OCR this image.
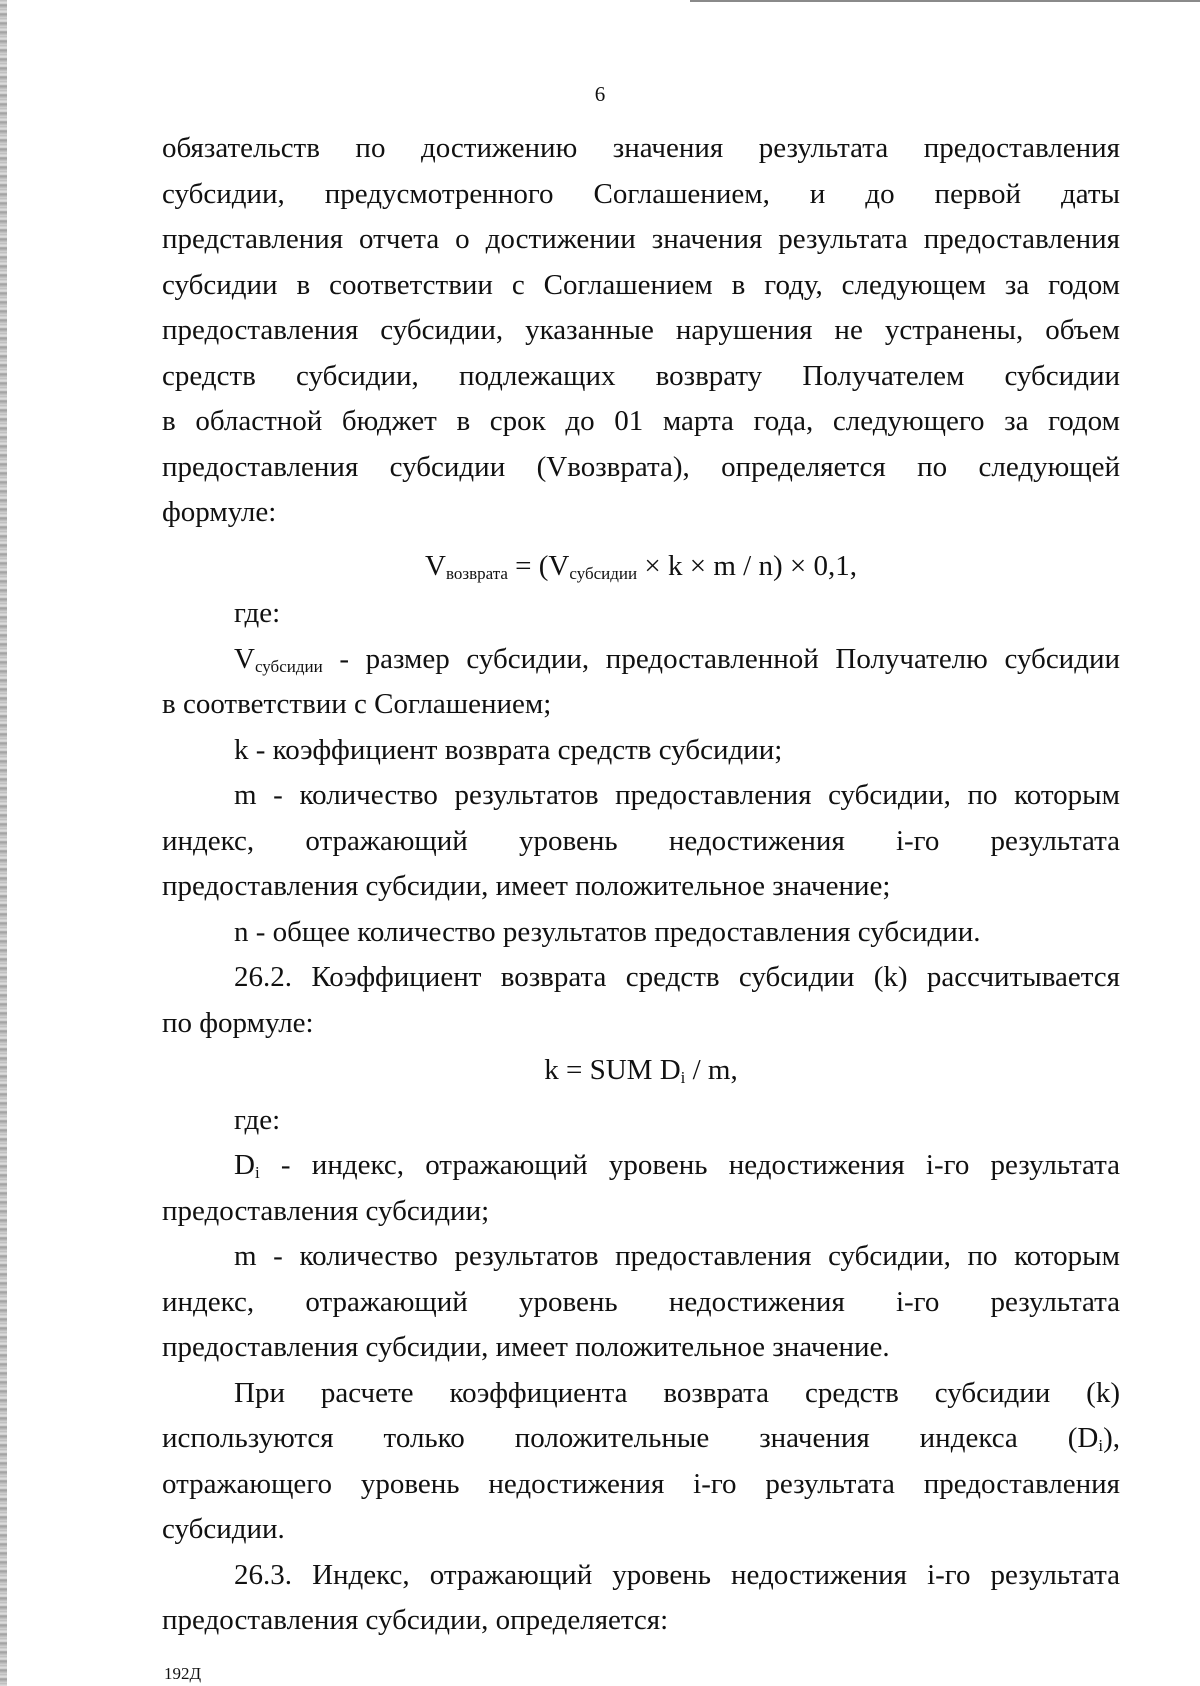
6

обязательств по достижению значения результата предоставления

субсидии, предусмотренного Соглашением, и до первой даты

представления отчета о достижении значения результата предоставления

субсидии в соответствии с Соглашением в году, следующем за годом

предоставления субсидии, указанные нарушения не устранены, объем

средств субсидии, подлежащих возврату Получателем субсидии

в областной бюджет в срок до 01 марта года, следующего за годом

предоставления субсидии (Vвозврата), определяется по следующей

формуле:

$V_{возврата} = (V_{субсидии} \times k \times m / n) \times 0,1$,

где:

$V_{субсидии}$ - размер субсидии, предоставленной Получателю субсидии

в соответствии с Соглашением;

k - коэффициент возврата средств субсидии;

m - количество результатов предоставления субсидии, по которым

индекс, отражающий уровень недостижения i-го результата

предоставления субсидии, имеет положительное значение;

n - общее количество результатов предоставления субсидии.

26.2. Коэффициент возврата средств субсидии (k) рассчитывается

по формуле:

k = SUM $D_i$ / m,

где:

$D_i$ - индекс, отражающий уровень недостижения i-го результата

предоставления субсидии;

m - количество результатов предоставления субсидии, по которым

индекс, отражающий уровень недостижения i-го результата

предоставления субсидии, имеет положительное значение.

При расчете коэффициента возврата средств субсидии (k)

используются только положительные значения индекса $(D_i)$,

отражающего уровень недостижения i-го результата предоставления

субсидии.

26.3. Индекс, отражающий уровень недостижения i-го результата

предоставления субсидии, определяется:

192Д
